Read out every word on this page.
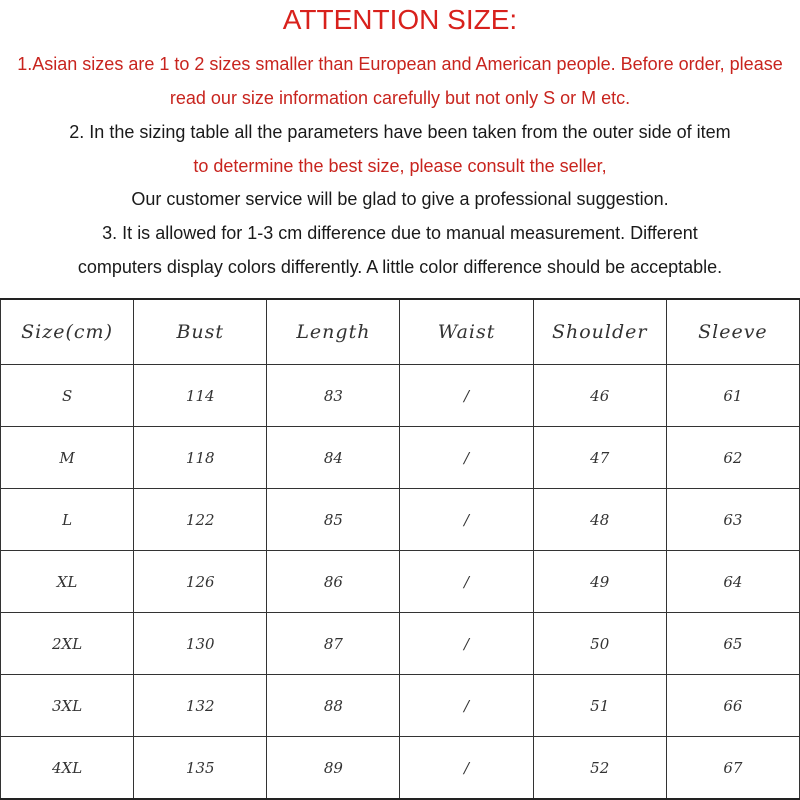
ATTENTION SIZE:
1.Asian sizes are 1 to 2 sizes smaller than European and American people. Before order, please
read our size information carefully but not only S or M etc.
2. In the sizing table all the parameters have been taken from the outer side of item
to determine the best size, please consult the seller,
Our customer service will be glad to give a professional suggestion.
3. It is allowed for 1-3 cm difference due to manual measurement. Different
computers display colors differently. A little color difference should be acceptable.
Size(cm)	Bust	Length	Waist	Shoulder	Sleeve
S	114	83	/	46	61
M	118	84	/	47	62
L	122	85	/	48	63
XL	126	86	/	49	64
2XL	130	87	/	50	65
3XL	132	88	/	51	66
4XL	135	89	/	52	67
